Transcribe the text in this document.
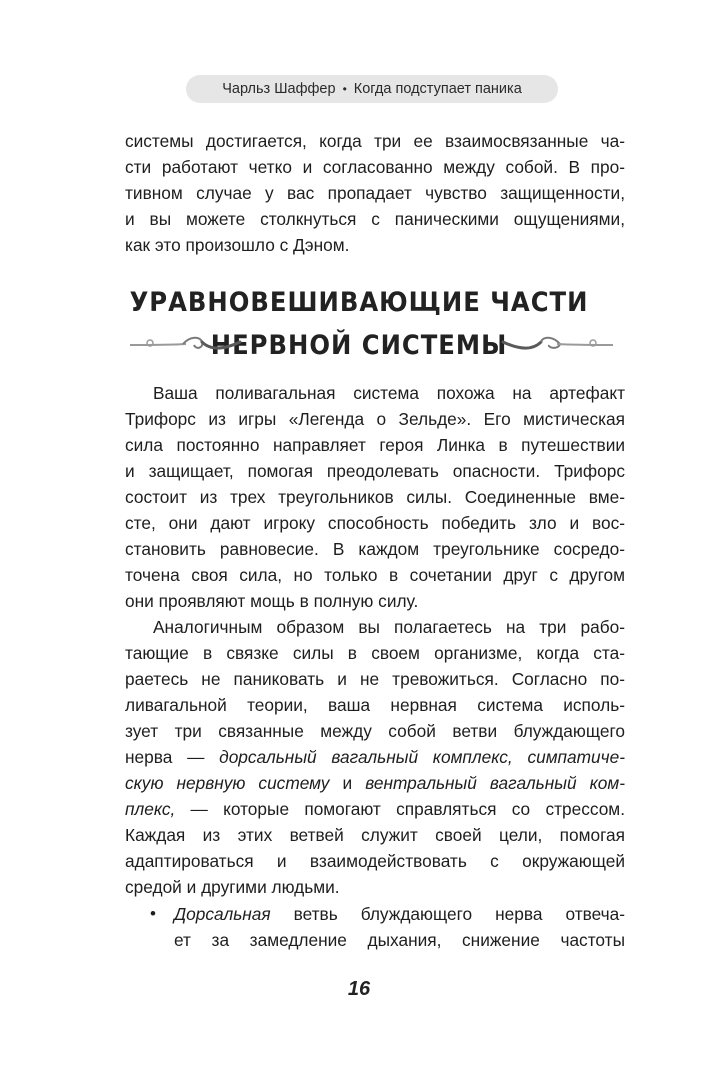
Чарльз Шаффер • Когда подступает паника

системы достигается, когда три ее взаимосвязанные ча-
сти работают четко и согласованно между собой. В про-
тивном случае у вас пропадает чувство защищенности,
и вы можете столкнуться с паническими ощущениями,
как это произошло с Дэном.

УРАВНОВЕШИВАЮЩИЕ ЧАСТИ
НЕРВНОЙ СИСТЕМЫ

Ваша поливагальная система похожа на артефакт
Трифорс из игры «Легенда о Зельде». Его мистическая
сила постоянно направляет героя Линка в путешествии
и защищает, помогая преодолевать опасности. Трифорс
состоит из трех треугольников силы. Соединенные вме-
сте, они дают игроку способность победить зло и вос-
становить равновесие. В каждом треугольнике сосредо-
точена своя сила, но только в сочетании друг с другом
они проявляют мощь в полную силу.

Аналогичным образом вы полагаетесь на три рабо-
тающие в связке силы в своем организме, когда ста-
раетесь не паниковать и не тревожиться. Согласно по-
ливагальной теории, ваша нервная система исполь-
зует три связанные между собой ветви блуждающего
нерва — дорсальный вагальный комплекс, симпатиче-
скую нервную систему и вентральный вагальный ком-
плекс, — которые помогают справляться со стрессом.
Каждая из этих ветвей служит своей цели, помогая
адаптироваться и взаимодействовать с окружающей
средой и другими людьми.

• Дорсальная ветвь блуждающего нерва отвеча-
ет за замедление дыхания, снижение частоты

16
